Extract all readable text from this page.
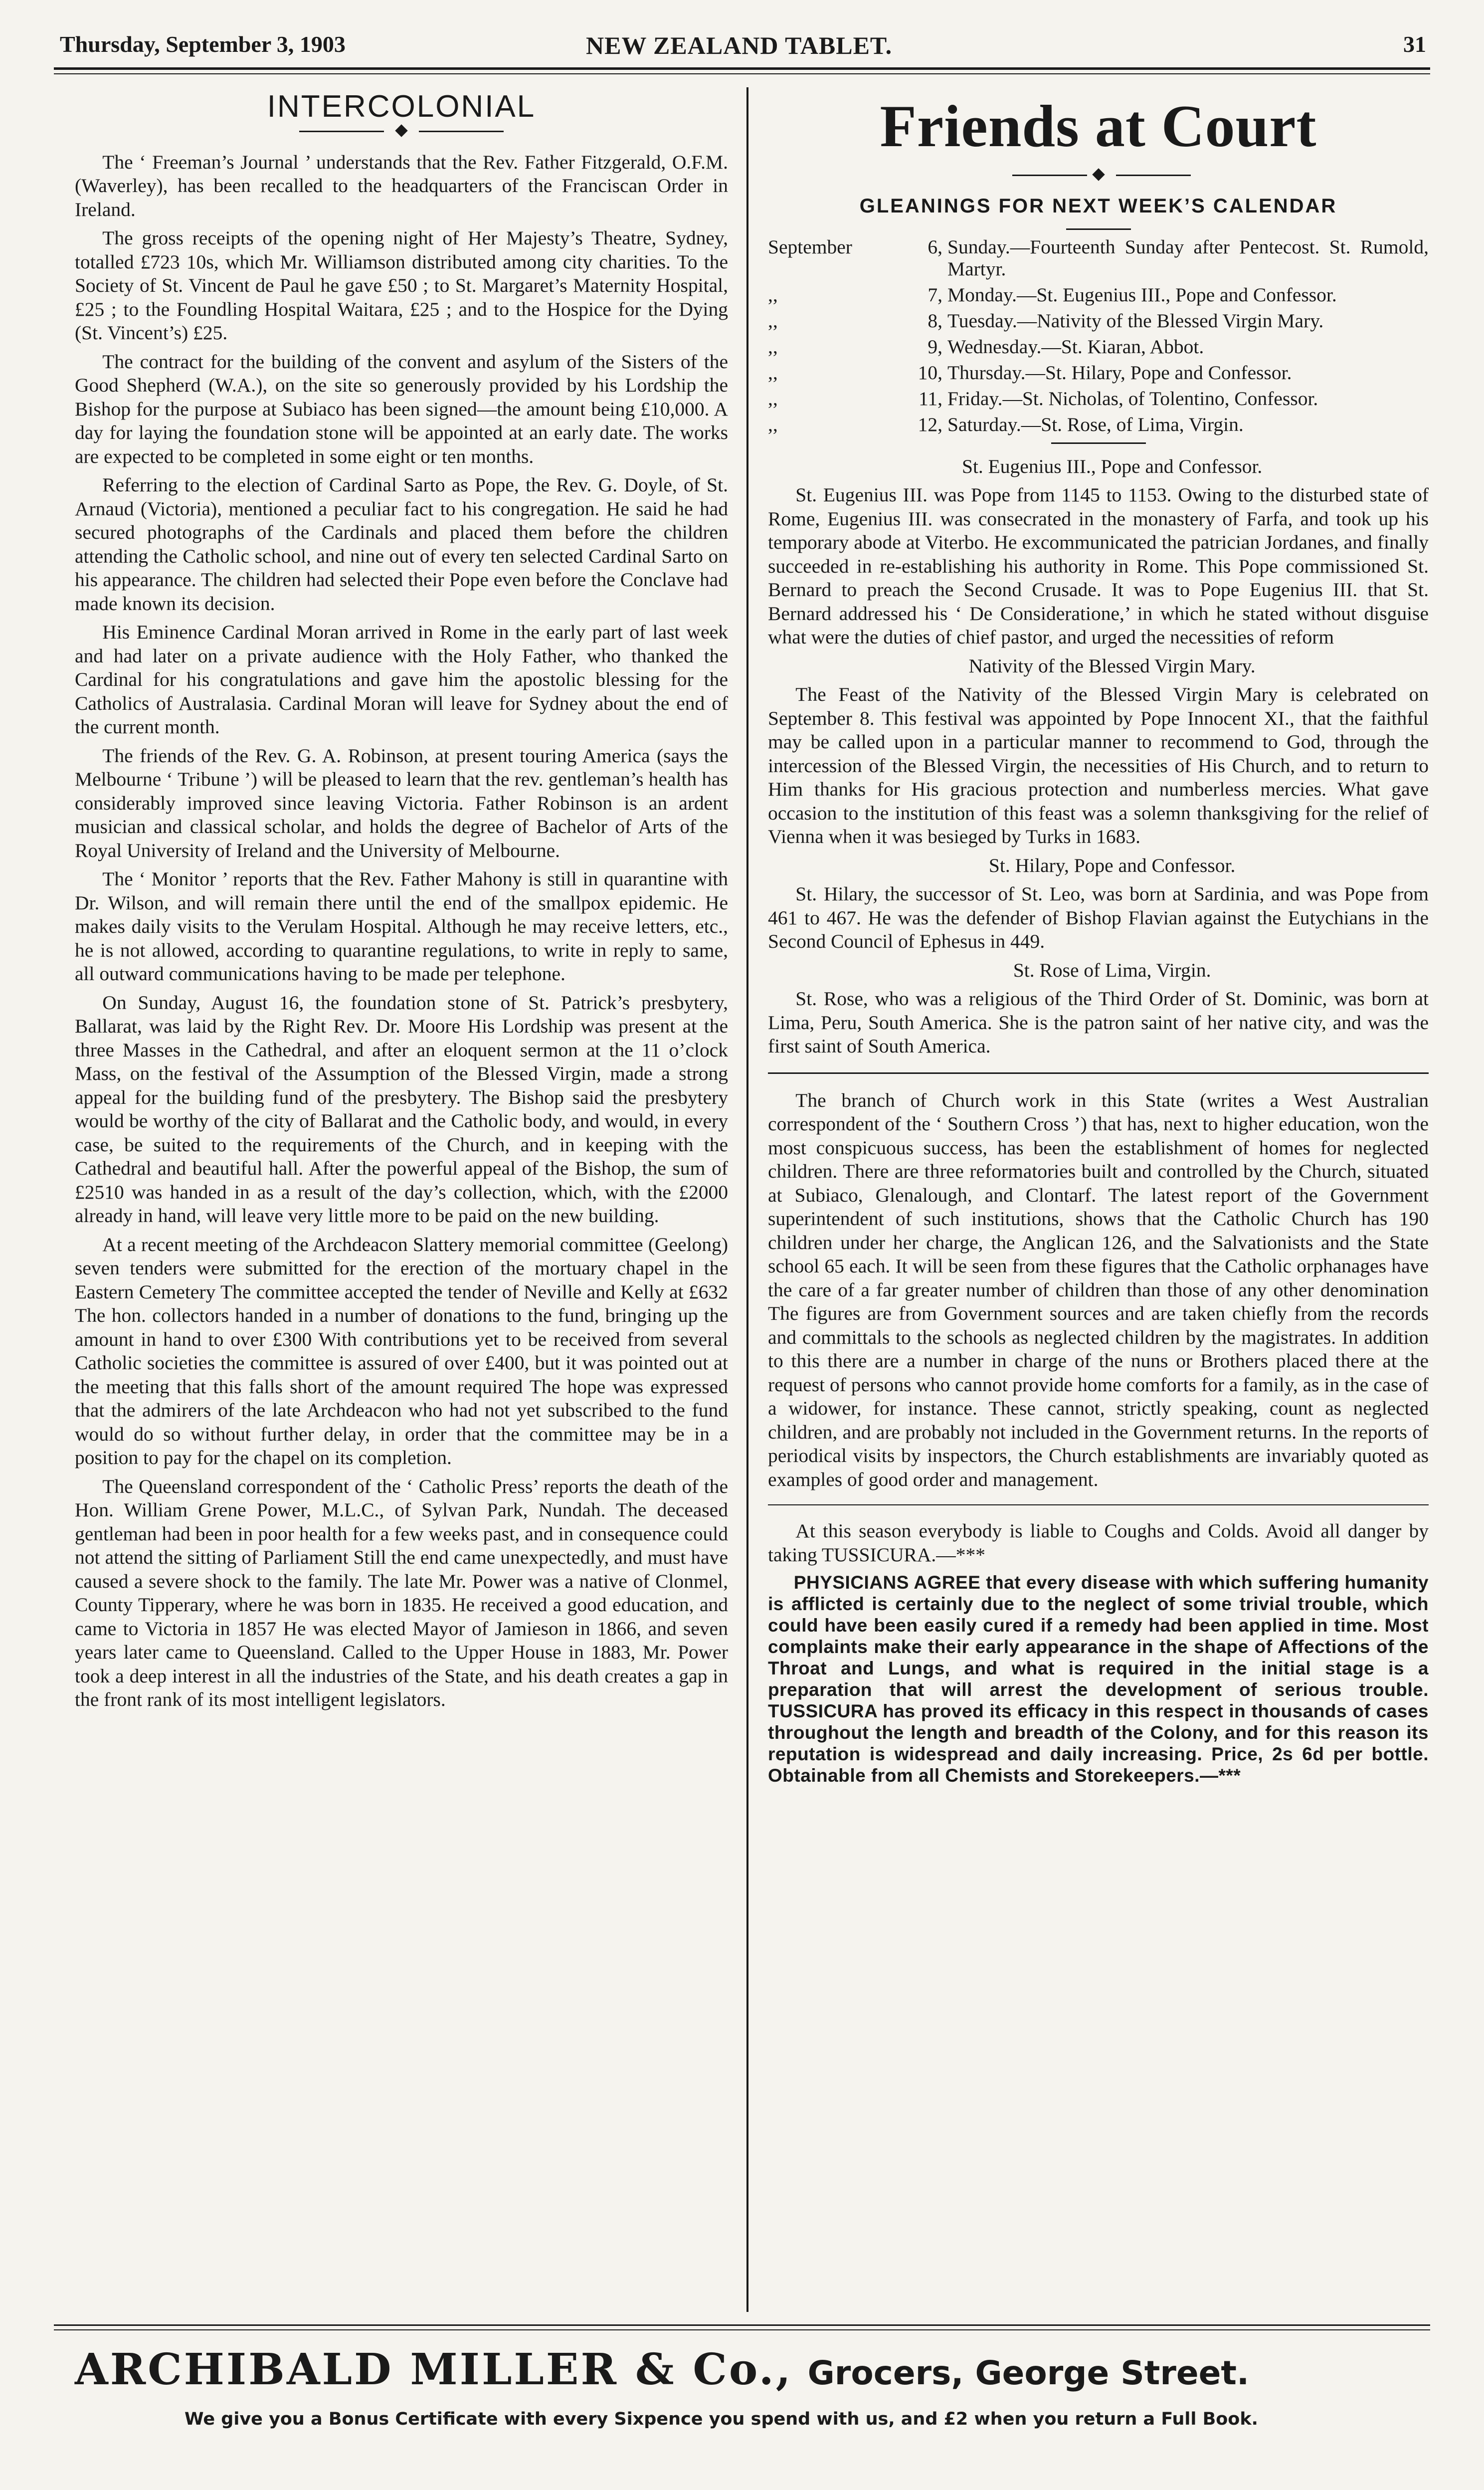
Thursday, September 3, 1903	NEW ZEALAND TABLET.	31
INTERCOLONIAL

The ‘ Freeman’s Journal ’ understands that the Rev. Father Fitzgerald, O.F.M. (Waverley), has been recalled to the headquarters of the Franciscan Order in Ireland.

The gross receipts of the opening night of Her Majesty’s Theatre, Sydney, totalled £723 10s, which Mr. Williamson distributed among city charities. To the Society of St. Vincent de Paul he gave £50 ; to St. Margaret’s Maternity Hospital, £25 ; to the Foundling Hospital Waitara, £25 ; and to the Hospice for the Dying (St. Vincent’s) £25.

The contract for the building of the convent and asylum of the Sisters of the Good Shepherd (W.A.), on the site so generously provided by his Lordship the Bishop for the purpose at Subiaco has been signed—the amount being £10,000. A day for laying the foundation stone will be appointed at an early date. The works are expected to be completed in some eight or ten months.

Referring to the election of Cardinal Sarto as Pope, the Rev. G. Doyle, of St. Arnaud (Victoria), mentioned a peculiar fact to his congregation. He said he had secured photographs of the Cardinals and placed them before the children attending the Catholic school, and nine out of every ten selected Cardinal Sarto on his appearance. The children had selected their Pope even before the Conclave had made known its decision.

His Eminence Cardinal Moran arrived in Rome in the early part of last week and had later on a private audience with the Holy Father, who thanked the Cardinal for his congratulations and gave him the apostolic blessing for the Catholics of Australasia. Cardinal Moran will leave for Sydney about the end of the current month.

The friends of the Rev. G. A. Robinson, at present touring America (says the Melbourne ‘ Tribune ’) will be pleased to learn that the rev. gentleman’s health has considerably improved since leaving Victoria. Father Robinson is an ardent musician and classical scholar, and holds the degree of Bachelor of Arts of the Royal University of Ireland and the University of Melbourne.

The ‘ Monitor ’ reports that the Rev. Father Mahony is still in quarantine with Dr. Wilson, and will remain there until the end of the smallpox epidemic. He makes daily visits to the Verulam Hospital. Although he may receive letters, etc., he is not allowed, according to quarantine regulations, to write in reply to same, all outward communications having to be made per telephone.

On Sunday, August 16, the foundation stone of St. Patrick’s presbytery, Ballarat, was laid by the Right Rev. Dr. Moore His Lordship was present at the three Masses in the Cathedral, and after an eloquent sermon at the 11 o’clock Mass, on the festival of the Assumption of the Blessed Virgin, made a strong appeal for the building fund of the presbytery. The Bishop said the presbytery would be worthy of the city of Ballarat and the Catholic body, and would, in every case, be suited to the requirements of the Church, and in keeping with the Cathedral and beautiful hall. After the powerful appeal of the Bishop, the sum of £2510 was handed in as a result of the day’s collection, which, with the £2000 already in hand, will leave very little more to be paid on the new building.

At a recent meeting of the Archdeacon Slattery memorial committee (Geelong) seven tenders were submitted for the erection of the mortuary chapel in the Eastern Cemetery The committee accepted the tender of Neville and Kelly at £632 The hon. collectors handed in a number of donations to the fund, bringing up the amount in hand to over £300 With contributions yet to be received from several Catholic societies the committee is assured of over £400, but it was pointed out at the meeting that this falls short of the amount required The hope was expressed that the admirers of the late Archdeacon who had not yet subscribed to the fund would do so without further delay, in order that the committee may be in a position to pay for the chapel on its completion.

The Queensland correspondent of the ‘ Catholic Press’ reports the death of the Hon. William Grene Power, M.L.C., of Sylvan Park, Nundah. The deceased gentleman had been in poor health for a few weeks past, and in consequence could not attend the sitting of Parliament Still the end came unexpectedly, and must have caused a severe shock to the family. The late Mr. Power was a native of Clonmel, County Tipperary, where he was born in 1835. He received a good education, and came to Victoria in 1857 He was elected Mayor of Jamieson in 1866, and seven years later came to Queensland. Called to the Upper House in 1883, Mr. Power took a deep interest in all the industries of the State, and his death creates a gap in the front rank of its most intelligent legislators.

Friends at Court
GLEANINGS FOR NEXT WEEK’S CALENDAR
September	6, Sunday.—Fourteenth Sunday after Pentecost. St. Rumold, Martyr.
,,	7, Monday.—St. Eugenius III., Pope and Confessor.
,,	8, Tuesday.—Nativity of the Blessed Virgin Mary.
,,	9, Wednesday.—St. Kiaran, Abbot.
,,	10, Thursday.—St. Hilary, Pope and Confessor.
,,	11, Friday.—St. Nicholas, of Tolentino, Confessor.
,,	12, Saturday.—St. Rose, of Lima, Virgin.

St. Eugenius III., Pope and Confessor.

St. Eugenius III. was Pope from 1145 to 1153. Owing to the disturbed state of Rome, Eugenius III. was consecrated in the monastery of Farfa, and took up his temporary abode at Viterbo. He excommunicated the patrician Jordanes, and finally succeeded in re-establishing his authority in Rome. This Pope commissioned St. Bernard to preach the Second Crusade. It was to Pope Eugenius III. that St. Bernard addressed his ‘ De Consideratione,’ in which he stated without disguise what were the duties of chief pastor, and urged the necessities of reform

Nativity of the Blessed Virgin Mary.

The Feast of the Nativity of the Blessed Virgin Mary is celebrated on September 8. This festival was appointed by Pope Innocent XI., that the faithful may be called upon in a particular manner to recommend to God, through the intercession of the Blessed Virgin, the necessities of His Church, and to return to Him thanks for His gracious protection and numberless mercies. What gave occasion to the institution of this feast was a solemn thanksgiving for the relief of Vienna when it was besieged by Turks in 1683.

St. Hilary, Pope and Confessor.

St. Hilary, the successor of St. Leo, was born at Sardinia, and was Pope from 461 to 467. He was the defender of Bishop Flavian against the Eutychians in the Second Council of Ephesus in 449.

St. Rose of Lima, Virgin.

St. Rose, who was a religious of the Third Order of St. Dominic, was born at Lima, Peru, South America. She is the patron saint of her native city, and was the first saint of South America.

The branch of Church work in this State (writes a West Australian correspondent of the ‘ Southern Cross ’) that has, next to higher education, won the most conspicuous success, has been the establishment of homes for neglected children. There are three reformatories built and controlled by the Church, situated at Subiaco, Glenalough, and Clontarf. The latest report of the Government superintendent of such institutions, shows that the Catholic Church has 190 children under her charge, the Anglican 126, and the Salvationists and the State school 65 each. It will be seen from these figures that the Catholic orphanages have the care of a far greater number of children than those of any other denomination The figures are from Government sources and are taken chiefly from the records and committals to the schools as neglected children by the magistrates. In addition to this there are a number in charge of the nuns or Brothers placed there at the request of persons who cannot provide home comforts for a family, as in the case of a widower, for instance. These cannot, strictly speaking, count as neglected children, and are probably not included in the Government returns. In the reports of periodical visits by inspectors, the Church establishments are invariably quoted as examples of good order and management.

At this season everybody is liable to Coughs and Colds. Avoid all danger by taking TUSSICURA.—***

PHYSICIANS AGREE that every disease with which suffering humanity is afflicted is certainly due to the neglect of some trivial trouble, which could have been easily cured if a remedy had been applied in time. Most complaints make their early appearance in the shape of Affections of the Throat and Lungs, and what is required in the initial stage is a preparation that will arrest the development of serious trouble. TUSSICURA has proved its efficacy in this respect in thousands of cases throughout the length and breadth of the Colony, and for this reason its reputation is widespread and daily increasing. Price, 2s 6d per bottle. Obtainable from all Chemists and Storekeepers.—***

ARCHIBALD MILLER & Co., Grocers, George Street.
We give you a Bonus Certificate with every Sixpence you spend with us, and £2 when you return a Full Book.
